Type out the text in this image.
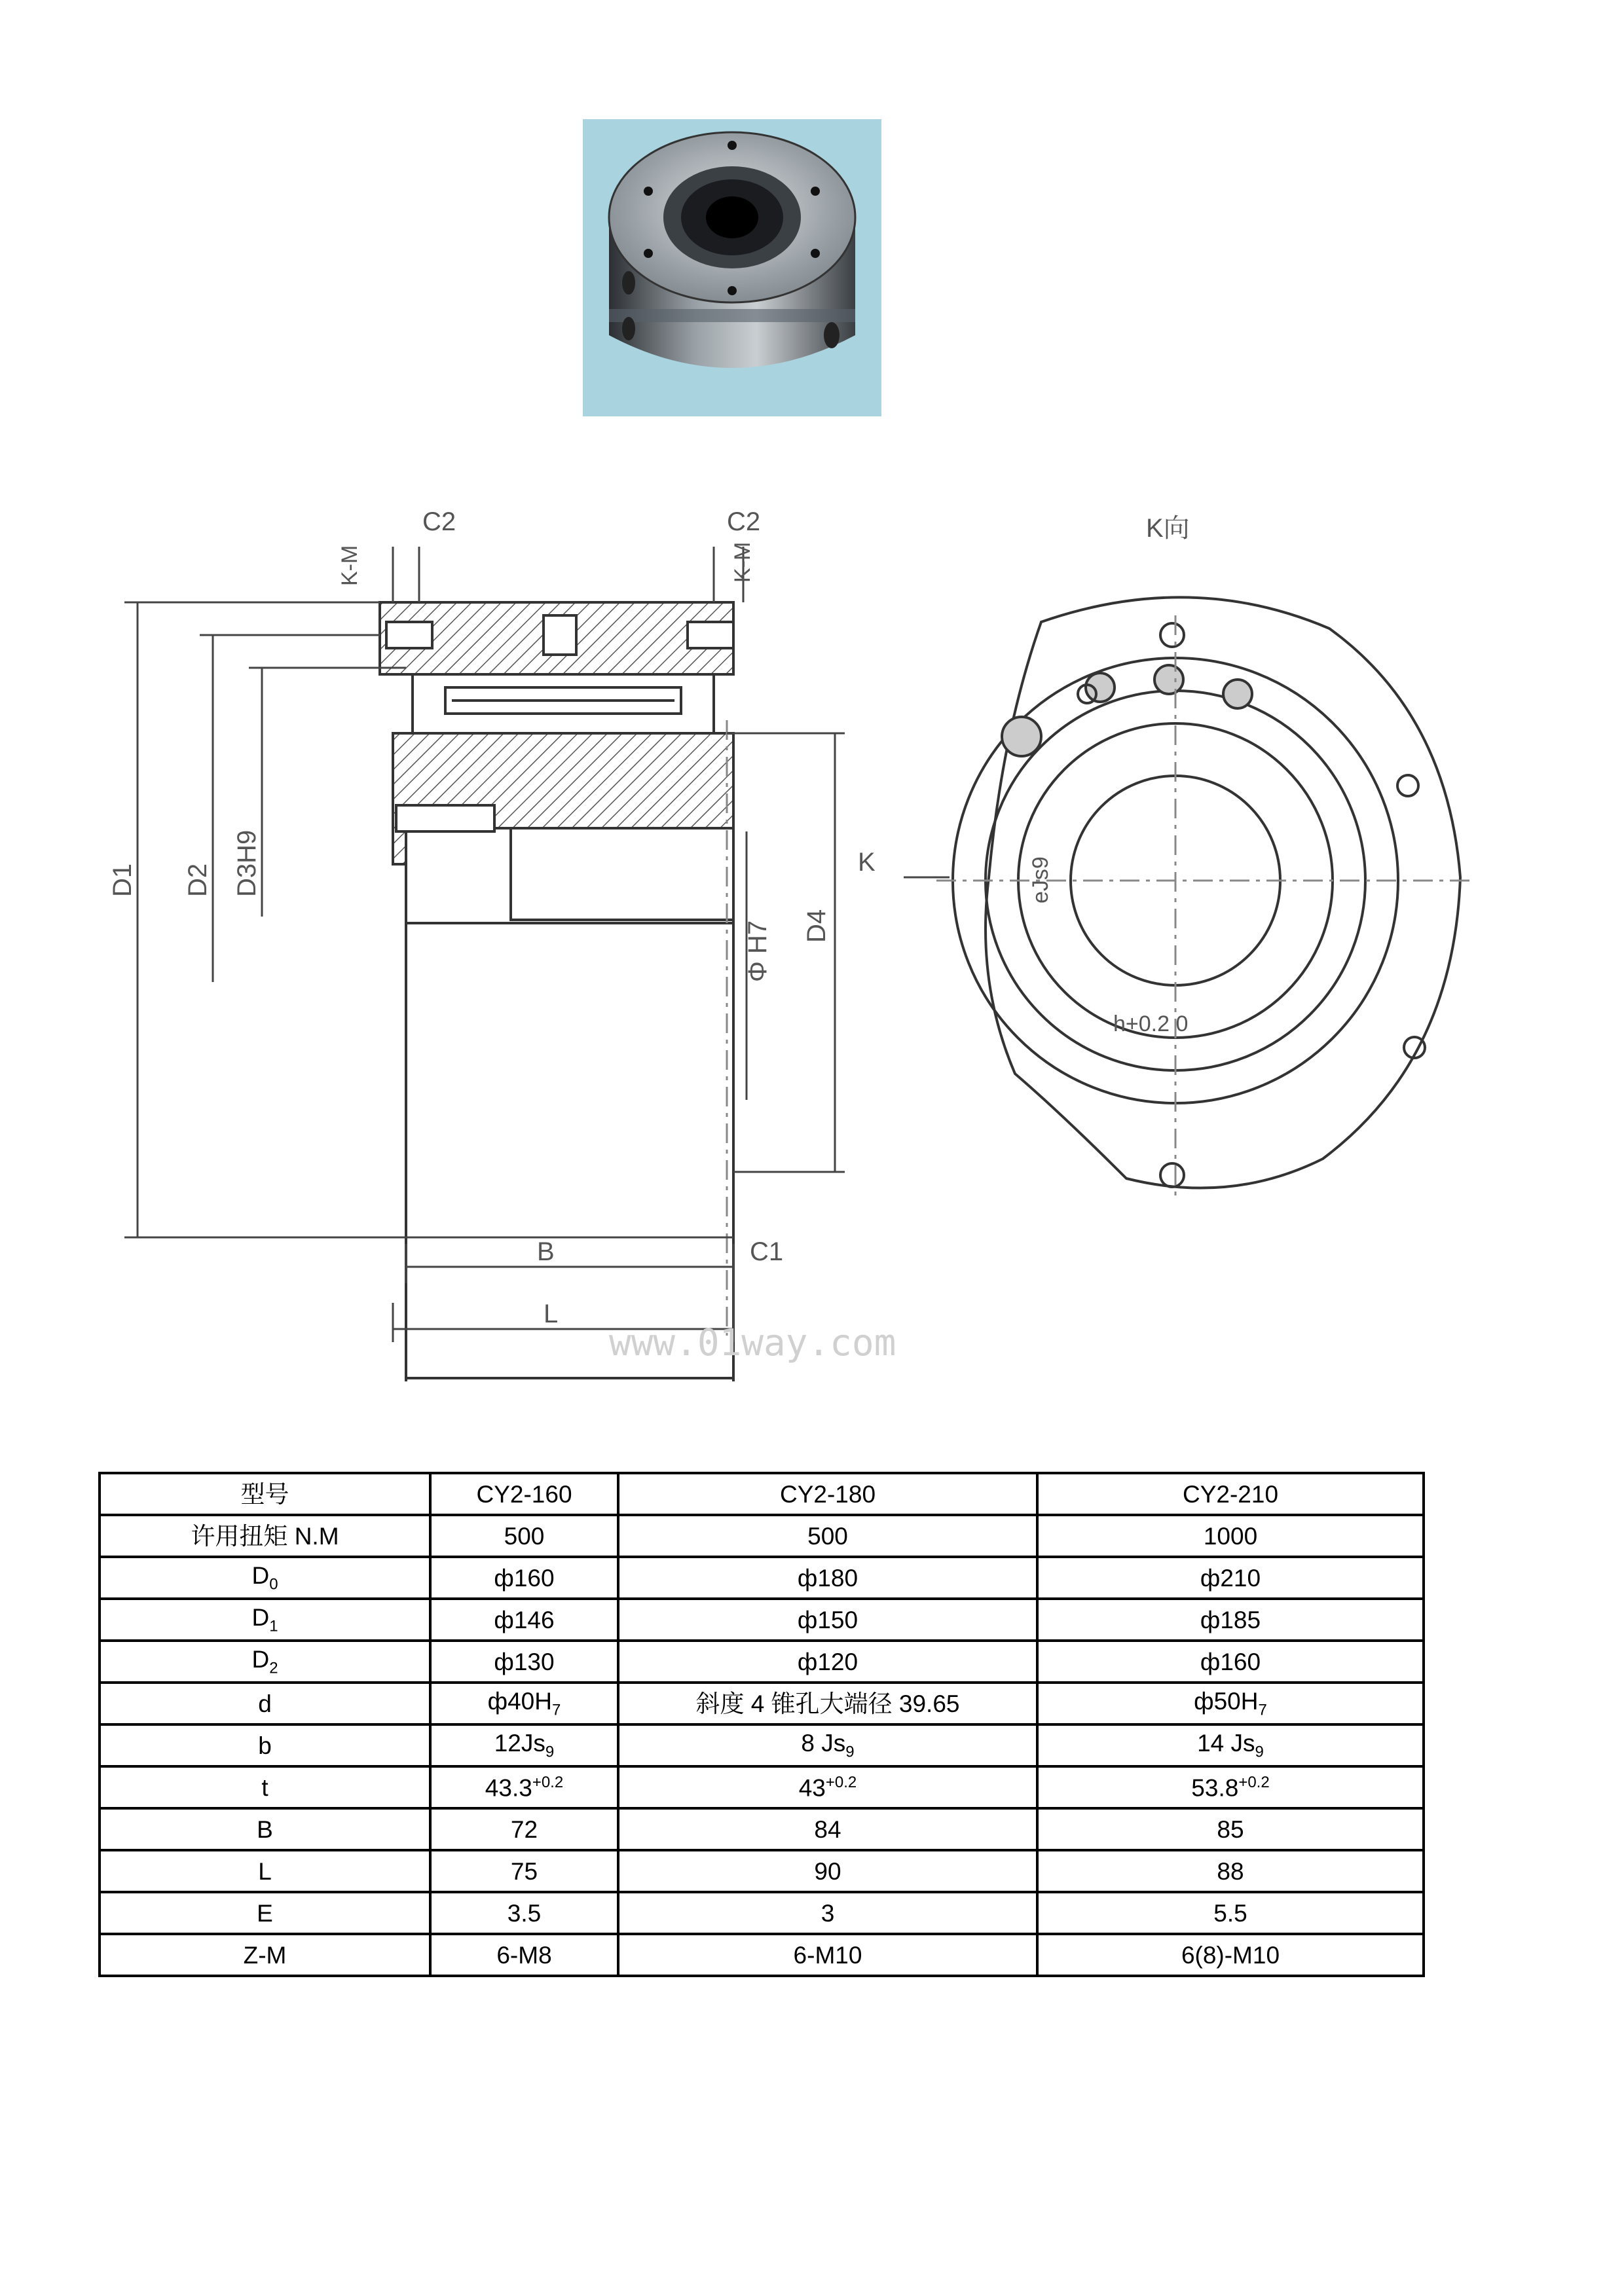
C2	C2
K-M	K-M
D1 D2 D3H9
Φ H7 D4
K
K向
B	C1
L
eJs9
h+0.2 0
www.01way.com
型号	CY2-160	CY2-180	CY2-210
许用扭矩 N.M	500	500	1000
$D_0$	ф160	ф180	ф210
$D_1$	ф146	ф150	ф185
$D_2$	ф130	ф120	ф160
d	$ф40H_7$	斜度 4 锥孔大端径 39.65	$ф50H_7$
b	$12Js_9$	8 $Js_9$	14 $Js_9$
t	$43.3^{+0.2}$	$43^{+0.2}$	$53.8^{+0.2}$
B	72	84	85
L	75	90	88
E	3.5	3	5.5
Z-M	6-M8	6-M10	6(8)-M10
